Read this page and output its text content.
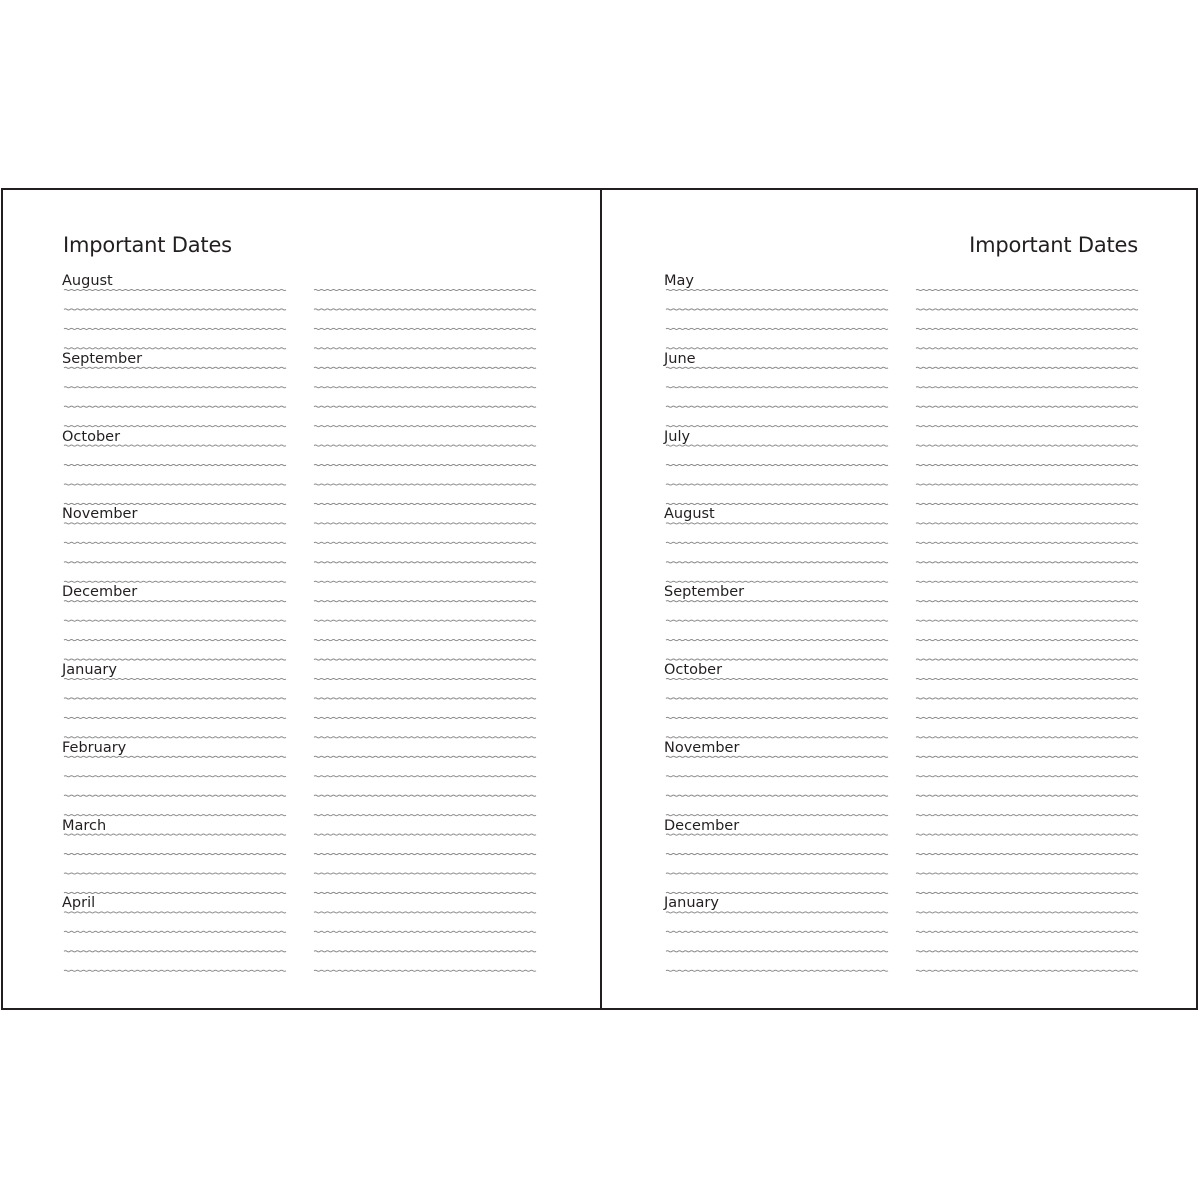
Important Dates	Important Dates

August

September

October

November

December

January

February

March

April

May

June

July

August

September

October

November

December

January
